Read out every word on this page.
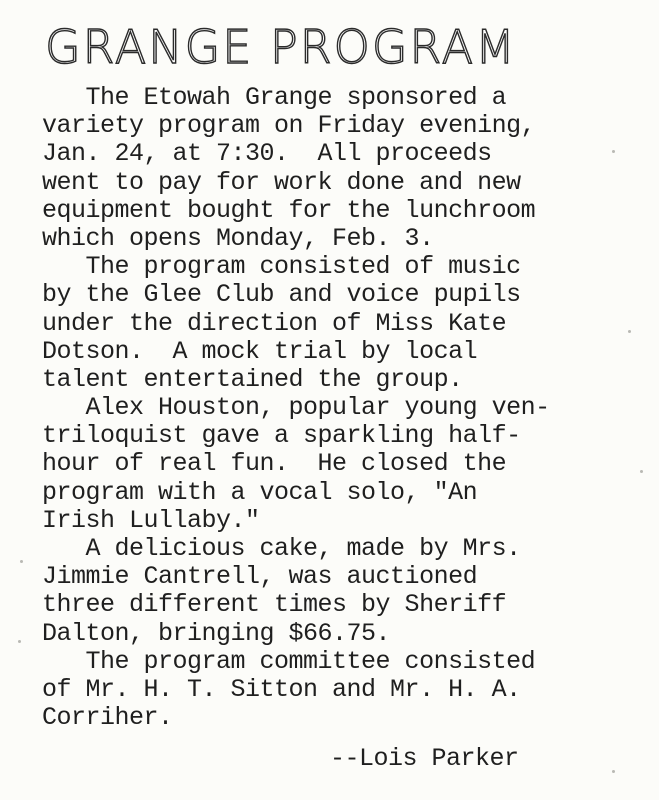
GRANGE PROGRAM
The Etowah Grange sponsored a
variety program on Friday evening,
Jan. 24, at 7:30.  All proceeds
went to pay for work done and new
equipment bought for the lunchroom
which opens Monday, Feb. 3.
The program consisted of music
by the Glee Club and voice pupils
under the direction of Miss Kate
Dotson.  A mock trial by local
talent entertained the group.
Alex Houston, popular young ven-
triloquist gave a sparkling half-
hour of real fun.  He closed the
program with a vocal solo, "An
Irish Lullaby."
A delicious cake, made by Mrs.
Jimmie Cantrell, was auctioned
three different times by Sheriff
Dalton, bringing $66.75.
The program committee consisted
of Mr. H. T. Sitton and Mr. H. A.
Corriher.
--Lois Parker
